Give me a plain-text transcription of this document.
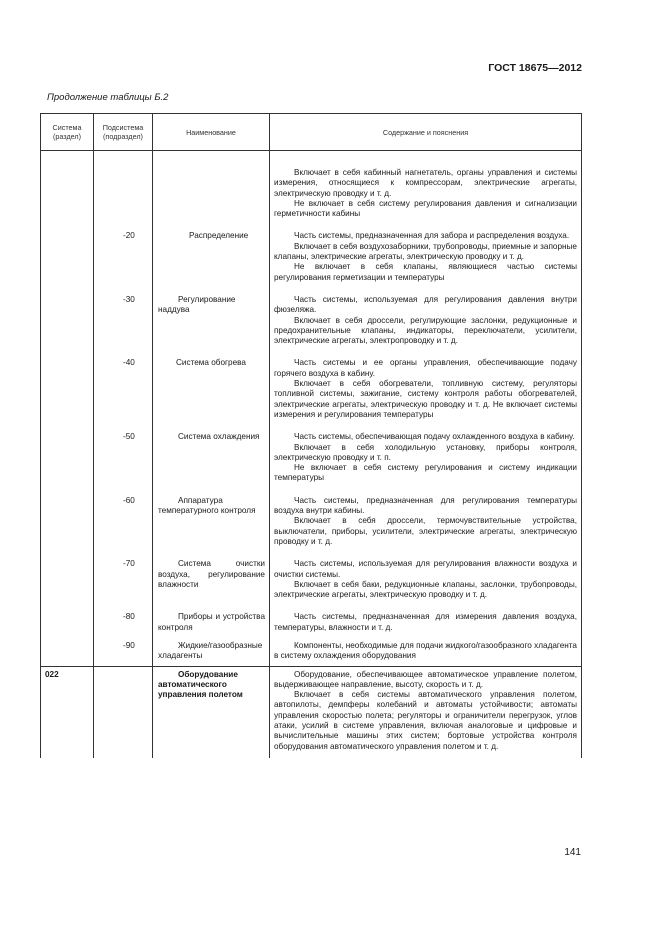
ГОСТ 18675—2012
Продолжение таблицы Б.2
Система (раздел)	Подсистема (подраздел)	Наименование	Содержание и пояснения

			Включает в себя кабинный нагнетатель, органы управления и системы измерения, относящиеся к компрессорам, электрические агрегаты, электрическую проводку и т. д.
Не включает в себя систему регулирования давления и сигнализации герметичности кабины

	-20	Распределение	Часть системы, предназначенная для забора и распределения воздуха.
Включает в себя воздухозаборники, трубопроводы, приемные и запорные клапаны, электрические агрегаты, электрическую проводку и т. д.
Не включает в себя клапаны, являющиеся частью системы регулирования герметизации и температуры

	-30	Регулирование наддува	Часть системы, используемая для регулирования давления внутри фюзеляжа.
Включает в себя дроссели, регулирующие заслонки, редукционные и предохранительные клапаны, индикаторы, переключатели, усилители, электрические агрегаты, электропроводку и т. д.

	-40	Система обогрева	Часть системы и ее органы управления, обеспечивающие подачу горячего воздуха в кабину.
Включает в себя обогреватели, топливную систему, регуляторы топливной системы, зажигание, систему контроля работы обогревателей, электрические агрегаты, электрическую проводку и т. д. Не включает системы измерения и регулирования температуры

	-50	Система охлаждения	Часть системы, обеспечивающая подачу охлажденного воздуха в кабину.
Включает в себя холодильную установку, приборы контроля, электрическую проводку и т. п.
Не включает в себя систему регулирования и систему индикации температуры

	-60	Аппаратура температурного контроля	Часть системы, предназначенная для регулирования температуры воздуха внутри кабины.
Включает в себя дроссели, термочувствительные устройства, выключатели, приборы, усилители, электрические агрегаты, электрическую проводку и т. д.

	-70	Система очистки воздуха, регулирование влажности	Часть системы, используемая для регулирования влажности воздуха и очистки системы.
Включает в себя баки, редукционные клапаны, заслонки, трубопроводы, электрические агрегаты, электрическую проводку и т. д.

	-80	Приборы и устройства контроля	Часть системы, предназначенная для измерения давления воздуха, температуры, влажности и т. д.

	-90	Жидкие/газообразные хладагенты	Компоненты, необходимые для подачи жидкого/газообразного хладагента в систему охлаждения оборудования

022		Оборудование автоматического управления полетом	Оборудование, обеспечивающее автоматическое управление полетом, выдерживающее направление, высоту, скорость и т. д.
Включает в себя системы автоматического управления полетом, автопилоты, демпферы колебаний и автоматы устойчивости; автоматы управления скоростью полета; регуляторы и ограничители перегрузок, углов атаки, усилий в системе управления, включая аналоговые и цифровые и вычислительные машины этих систем; бортовые устройства контроля оборудования автоматического управления полетом и т. д.
141
